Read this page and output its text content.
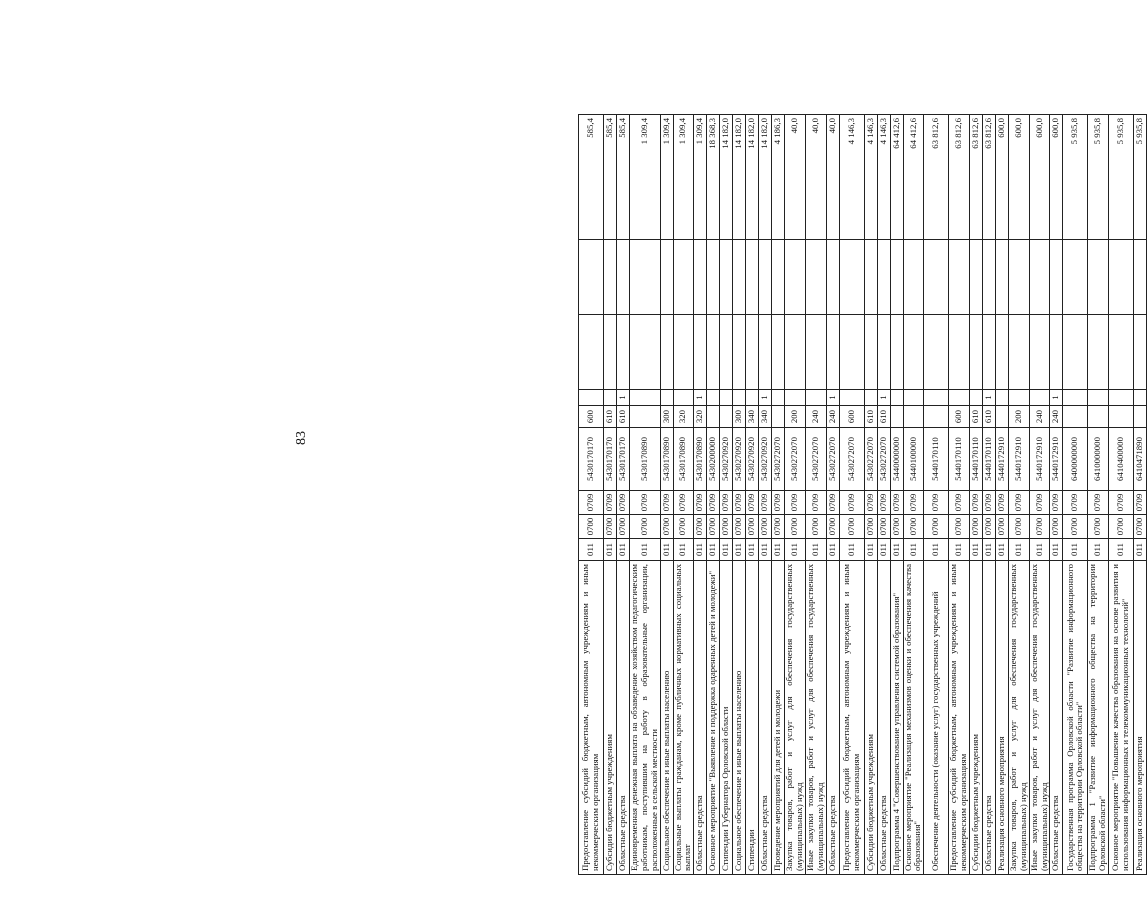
83
Предоставление субсидий бюджетным, автономным учреждениям и иным некоммерческим организациям	011	0700	0709	5430170170	600				585,4
Субсидии бюджетным учреждениям	011	0700	0709	5430170170	610				585,4
Областные средства	011	0700	0709	5430170170	610	1			585,4
Единовременная денежная выплата на обзаведение хозяйством педагогическим работникам, поступившим на работу в образовательные организации, расположенные в сельской местности	011	0700	0709	5430170890					1 309,4
Социальное обеспечение и иные выплаты населению	011	0700	0709	5430170890	300				1 309,4
Социальные выплаты гражданам, кроме публичных нормативных социальных выплат	011	0700	0709	5430170890	320				1 309,4
Областные средства	011	0700	0709	5430170890	320	1			1 309,4
Основное мероприятие "Выявление и поддержка одаренных детей и молодежи"	011	0700	0709	5430200000					18 368,3
Стипендии Губернатора Орловской области	011	0700	0709	5430270920					14 182,0
Социальное обеспечение и иные выплаты населению	011	0700	0709	5430270920	300				14 182,0
Стипендии	011	0700	0709	5430270920	340				14 182,0
Областные средства	011	0700	0709	5430270920	340	1			14 182,0
Проведение мероприятий для детей и молодежи	011	0700	0709	5430272070					4 186,3
Закупка товаров, работ и услуг для обеспечения государственных (муниципальных) нужд	011	0700	0709	5430272070	200				40,0
Иные закупки товаров, работ и услуг для обеспечения государственных (муниципальных) нужд	011	0700	0709	5430272070	240				40,0
Областные средства	011	0700	0709	5430272070	240	1			40,0
Предоставление субсидий бюджетным, автономным учреждениям и иным некоммерческим организациям	011	0700	0709	5430272070	600				4 146,3
Субсидии бюджетным учреждениям	011	0700	0709	5430272070	610				4 146,3
Областные средства	011	0700	0709	5430272070	610	1			4 146,3
Подпрограмма 4 "Совершенствование управления системой образования"	011	0700	0709	5440000000					64 412,6
Основное мероприятие "Реализация механизмов оценки и обеспечения качества образования"	011	0700	0709	5440100000					64 412,6
Обеспечение деятельности (оказание услуг) государственных учреждений	011	0700	0709	5440170110					63 812,6
Предоставление субсидий бюджетным, автономным учреждениям и иным некоммерческим организациям	011	0700	0709	5440170110	600				63 812,6
Субсидии бюджетным учреждениям	011	0700	0709	5440170110	610				63 812,6
Областные средства	011	0700	0709	5440170110	610	1			63 812,6
Реализация основного мероприятия	011	0700	0709	5440172910					600,0
Закупка товаров, работ и услуг для обеспечения государственных (муниципальных) нужд	011	0700	0709	5440172910	200				600,0
Иные закупки товаров, работ и услуг для обеспечения государственных (муниципальных) нужд	011	0700	0709	5440172910	240				600,0
Областные средства	011	0700	0709	5440172910	240	1			600,0
Государственная программа Орловской области "Развитие информационного общества на территории Орловской области"	011	0700	0709	6400000000					5 935,8
Подпрограмма 1 "Развитие информационного общества на территории Орловской области"	011	0700	0709	6410000000					5 935,8
Основное мероприятие "Повышение качества образования на основе развития и использования информационных и телекоммуникационных технологий"	011	0700	0709	6410400000					5 935,8
Реализация основного мероприятия	011	0700	0709	6410471890					5 935,8
